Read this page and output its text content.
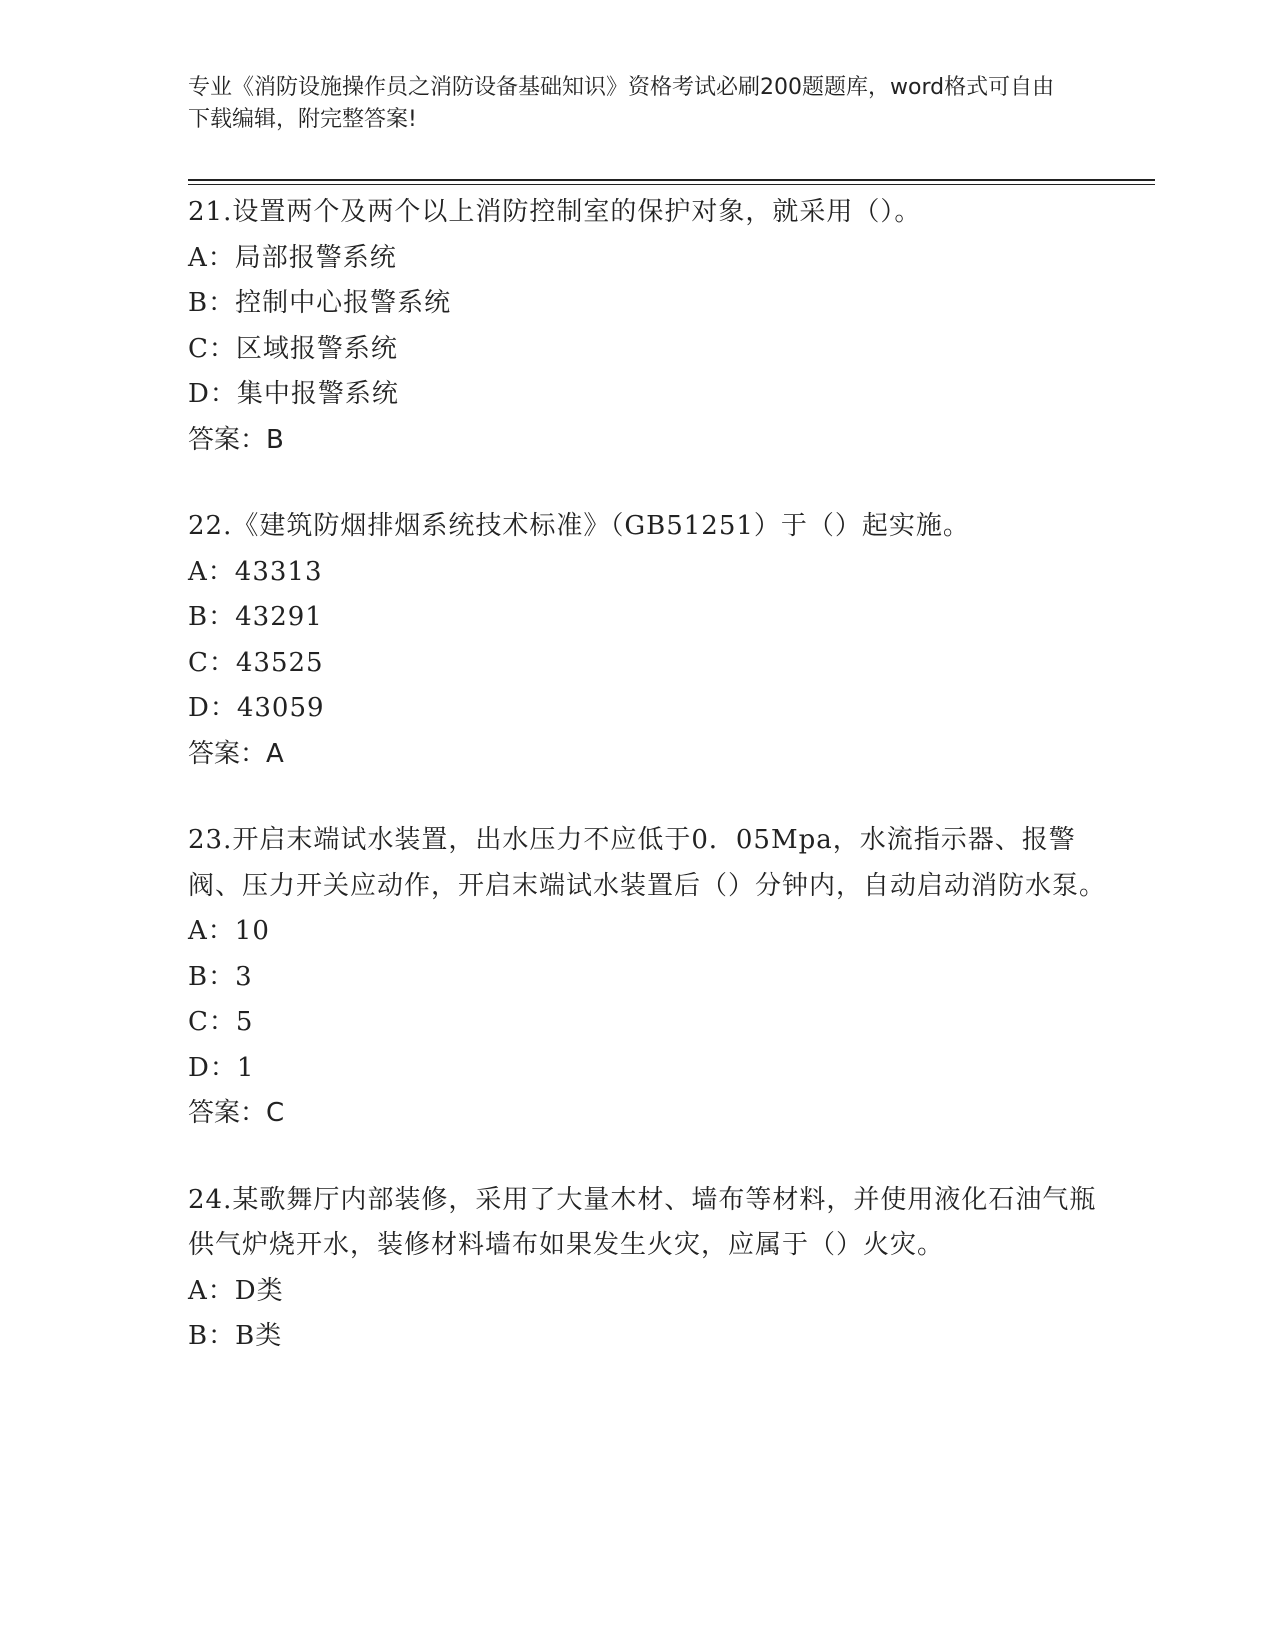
专业《消防设施操作员之消防设备基础知识》资格考试必刷200题题库，word格式可自由下载编辑，附完整答案!

21.设置两个及两个以上消防控制室的保护对象，就采用（）。

A：局部报警系统

B：控制中心报警系统

C：区域报警系统

D：集中报警系统

答案：B

22.《建筑防烟排烟系统技术标准》（GB51251）于（）起实施。

A：43313

B：43291

C：43525

D：43059

答案：A

23.开启末端试水装置，出水压力不应低于0．05Mpa，水流指示器、报警阀、压力开关应动作，开启末端试水装置后（）分钟内，自动启动消防水泵。

A：10

B：3

C：5

D：1

答案：C

24.某歌舞厅内部装修，采用了大量木材、墙布等材料，并使用液化石油气瓶供气炉烧开水，装修材料墙布如果发生火灾，应属于（）火灾。

A：D类

B：B类
